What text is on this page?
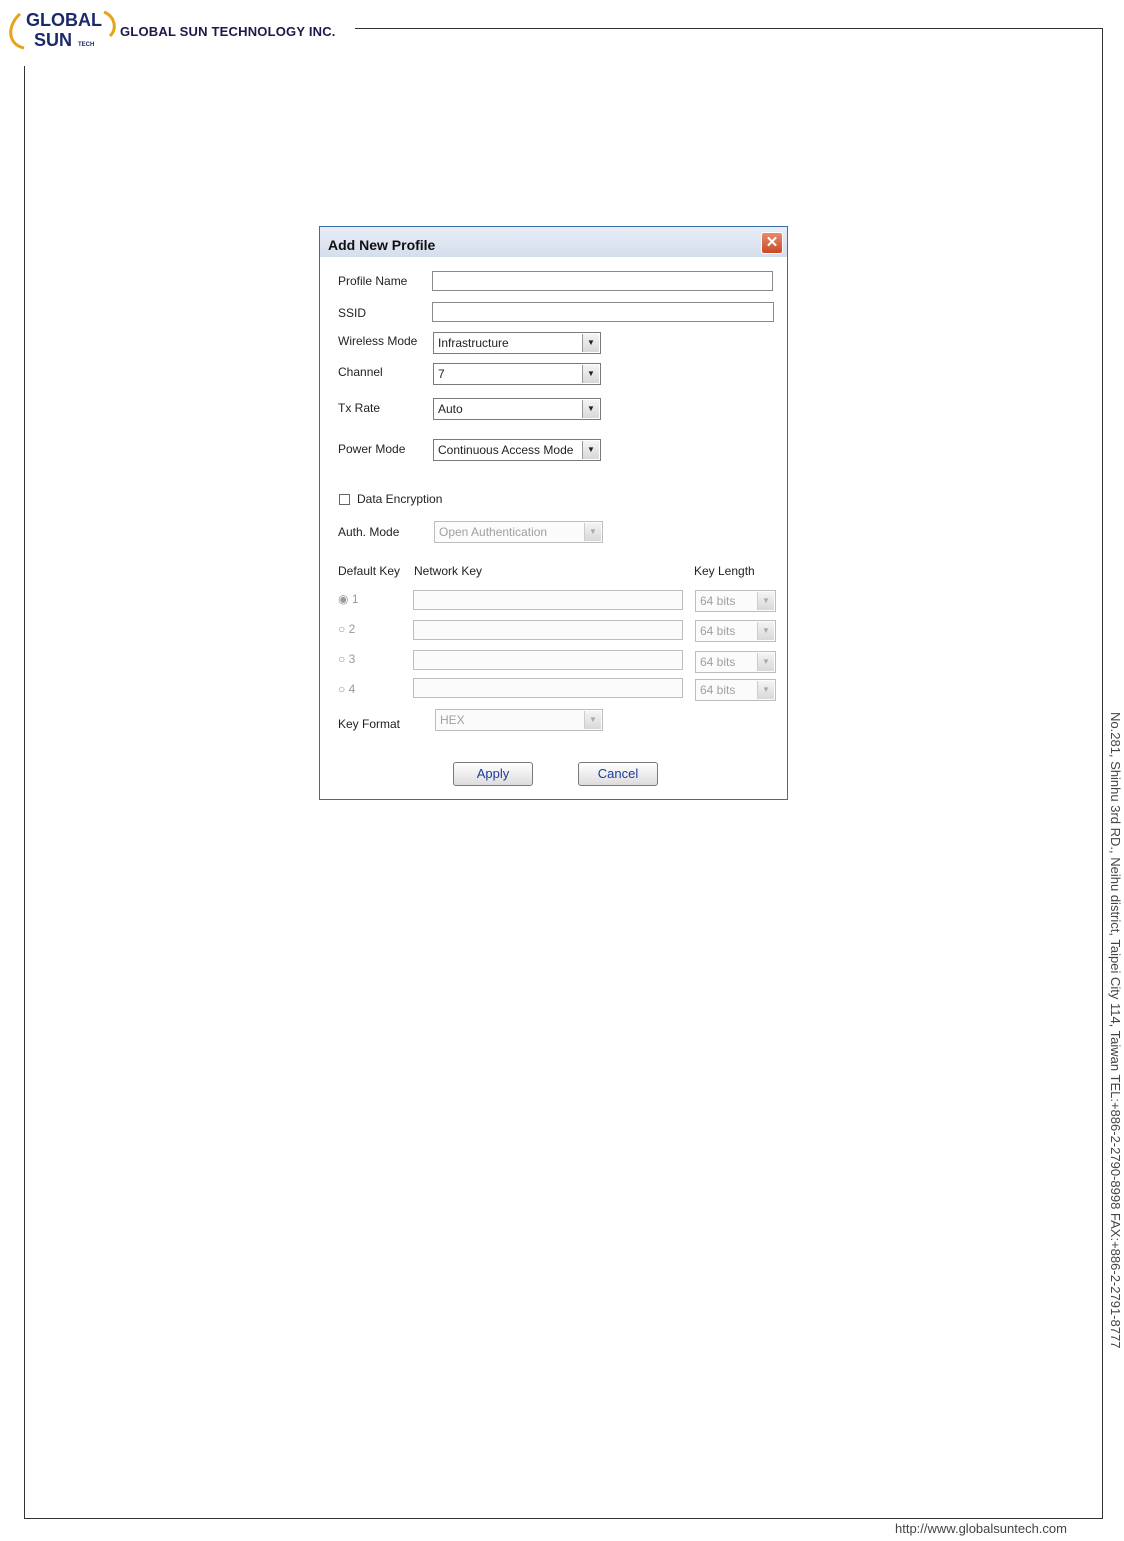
GLOBAL
SUN TECH
GLOBAL SUN TECHNOLOGY INC.
No.281, Shinhu 3rd RD., Neihu district, Taipei City 114, Taiwan TEL:+886-2-2790-8998 FAX:+886-2-2791-8777
http://www.globalsuntech.com
Add New Profile	✕
Profile Name
SSID
Wireless Mode	Infrastructure	▼
Channel	7	▼
Tx Rate	Auto	▼
Power Mode	Continuous Access Mode	▼
Data Encryption
Auth. Mode	Open Authentication	▼
Default Key Network Key	Key Length
◉ 1	64 bits	▼
○ 2	64 bits	▼
○ 3	64 bits	▼
○ 4	64 bits	▼
Key Format	HEX	▼
Apply	Cancel
